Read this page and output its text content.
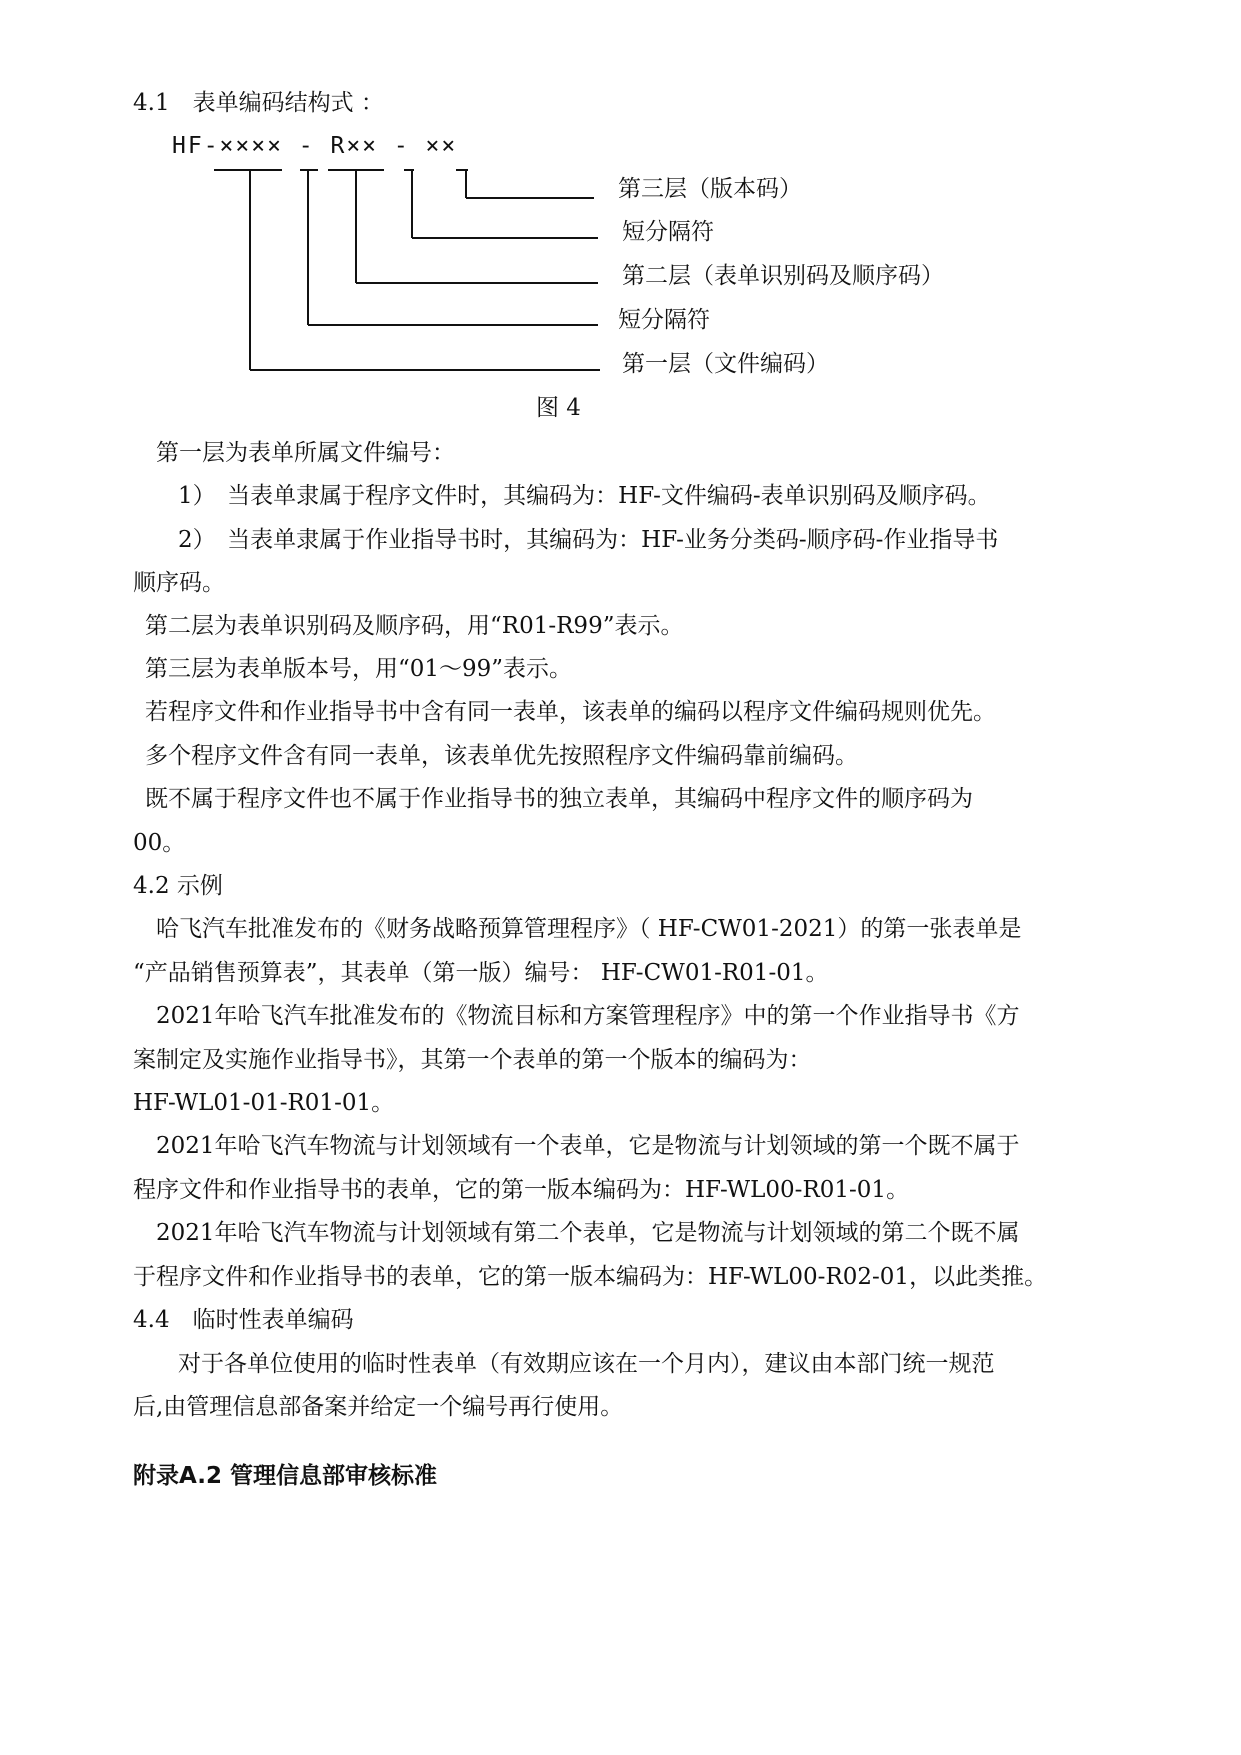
4.1　表单编码结构式 ：
HF-×××× - R×× - ××
第三层（版本码）
短分隔符
第二层（表单识别码及顺序码）
短分隔符
第一层（文件编码）
图 4
第一层为表单所属文件编号：
1）　当表单隶属于程序文件时，其编码为：HF-文件编码-表单识别码及顺序码。
2）　当表单隶属于作业指导书时，其编码为：HF-业务分类码-顺序码-作业指导书
顺序码。
第二层为表单识别码及顺序码，用“R01-R99”表示。
第三层为表单版本号，用“01～99”表示。
若程序文件和作业指导书中含有同一表单，该表单的编码以程序文件编码规则优先。
多个程序文件含有同一表单，该表单优先按照程序文件编码靠前编码。
既不属于程序文件也不属于作业指导书的独立表单，其编码中程序文件的顺序码为
00。
4.2 示例
哈飞汽车批准发布的《财务战略预算管理程序》（ HF-CW01-2021）的第一张表单是
“产品销售预算表”，其表单（第一版）编号： HF-CW01-R01-01。
2021年哈飞汽车批准发布的《物流目标和方案管理程序》中的第一个作业指导书《方
案制定及实施作业指导书》，其第一个表单的第一个版本的编码为：
HF-WL01-01-R01-01。
2021年哈飞汽车物流与计划领域有一个表单，它是物流与计划领域的第一个既不属于
程序文件和作业指导书的表单，它的第一版本编码为：HF-WL00-R01-01。
2021年哈飞汽车物流与计划领域有第二个表单，它是物流与计划领域的第二个既不属
于程序文件和作业指导书的表单，它的第一版本编码为：HF-WL00-R02-01，以此类推。
4.4　临时性表单编码
对于各单位使用的临时性表单（有效期应该在一个月内），建议由本部门统一规范
后,由管理信息部备案并给定一个编号再行使用。
附录A.2 管理信息部审核标准
